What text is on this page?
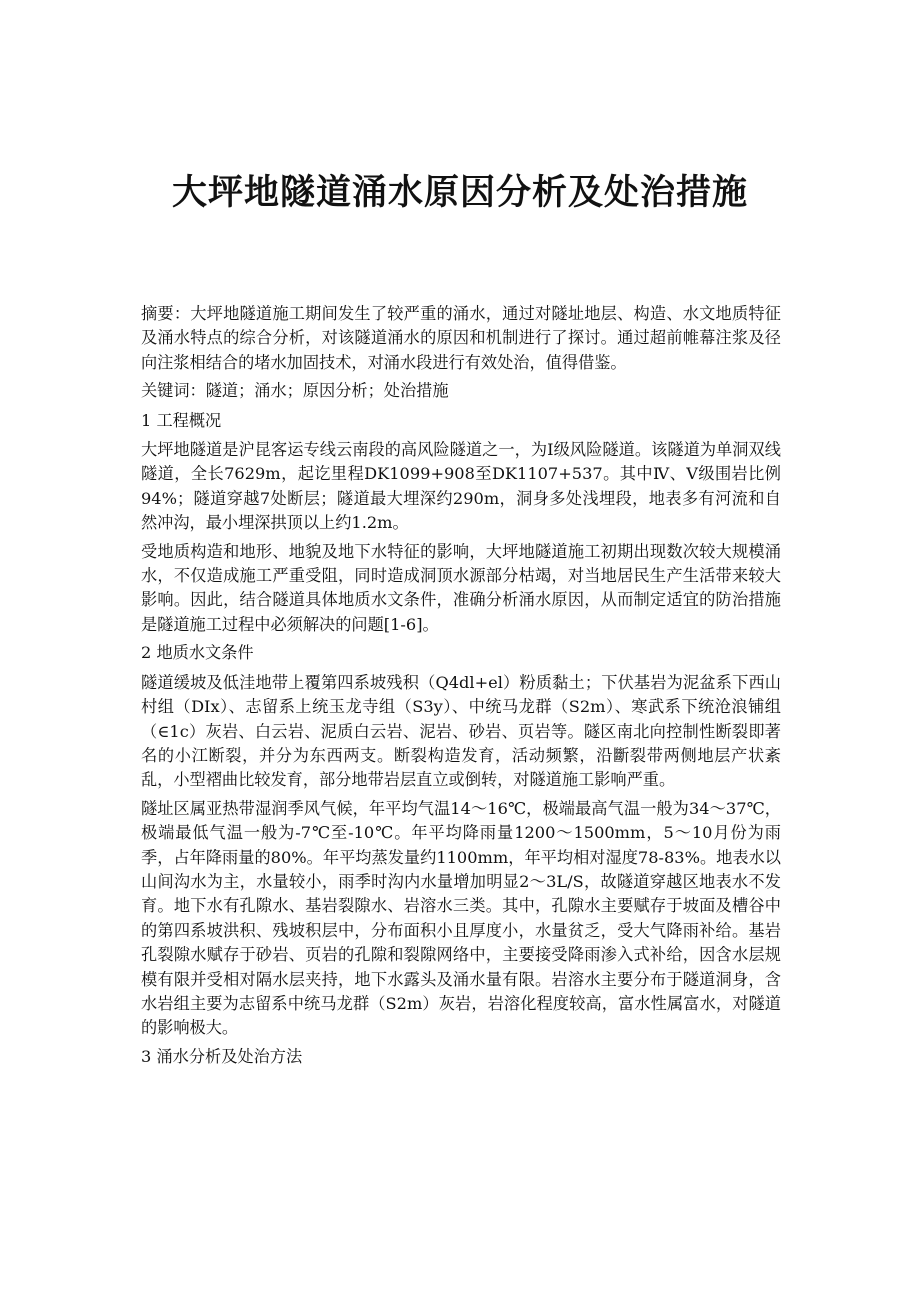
大坪地隧道涌水原因分析及处治措施

摘要：大坪地隧道施工期间发生了较严重的涌水，通过对隧址地层、构造、水文地质特征及涌水特点的综合分析，对该隧道涌水的原因和机制进行了探讨。通过超前帷幕注浆及径向注浆相结合的堵水加固技术，对涌水段进行有效处治，值得借鉴。

关键词：隧道；涌水；原因分析；处治措施

1 工程概况

大坪地隧道是沪昆客运专线云南段的高风险隧道之一，为Ⅰ级风险隧道。该隧道为单洞双线隧道，全长7629m，起讫里程DK1099+908至DK1107+537。其中Ⅳ、Ⅴ级围岩比例94%；隧道穿越7处断层；隧道最大埋深约290m，洞身多处浅埋段，地表多有河流和自然冲沟，最小埋深拱顶以上约1.2m。

受地质构造和地形、地貌及地下水特征的影响，大坪地隧道施工初期出现数次较大规模涌水，不仅造成施工严重受阻，同时造成洞顶水源部分枯竭，对当地居民生产生活带来较大影响。因此，结合隧道具体地质水文条件，准确分析涌水原因，从而制定适宜的防治措施是隧道施工过程中必须解决的问题[1-6]。

2 地质水文条件

隧道缓坡及低洼地带上覆第四系坡残积（Q4dl+el）粉质黏土；下伏基岩为泥盆系下西山村组（DIx）、志留系上统玉龙寺组（S3y）、中统马龙群（S2m）、寒武系下统沧浪铺组（∈1c）灰岩、白云岩、泥质白云岩、泥岩、砂岩、页岩等。隧区南北向控制性断裂即著名的小江断裂，并分为东西两支。断裂构造发育，活动频繁，沿斷裂带两侧地层产状紊乱，小型褶曲比较发育，部分地带岩层直立或倒转，对隧道施工影响严重。

隧址区属亚热带湿润季风气候，年平均气温14～16℃，极端最高气温一般为34～37℃，极端最低气温一般为-7℃至-10℃。年平均降雨量1200～1500mm，5～10月份为雨季，占年降雨量的80%。年平均蒸发量约1100mm，年平均相对湿度78-83%。地表水以山间沟水为主，水量较小，雨季时沟内水量增加明显2～3L/S，故隧道穿越区地表水不发育。地下水有孔隙水、基岩裂隙水、岩溶水三类。其中，孔隙水主要赋存于坡面及槽谷中的第四系坡洪积、残坡积层中，分布面积小且厚度小，水量贫乏，受大气降雨补给。基岩孔裂隙水赋存于砂岩、页岩的孔隙和裂隙网络中，主要接受降雨渗入式补给，因含水层规模有限并受相对隔水层夹持，地下水露头及涌水量有限。岩溶水主要分布于隧道洞身，含水岩组主要为志留系中统马龙群（S2m）灰岩，岩溶化程度较高，富水性属富水，对隧道的影响极大。

3 涌水分析及处治方法
